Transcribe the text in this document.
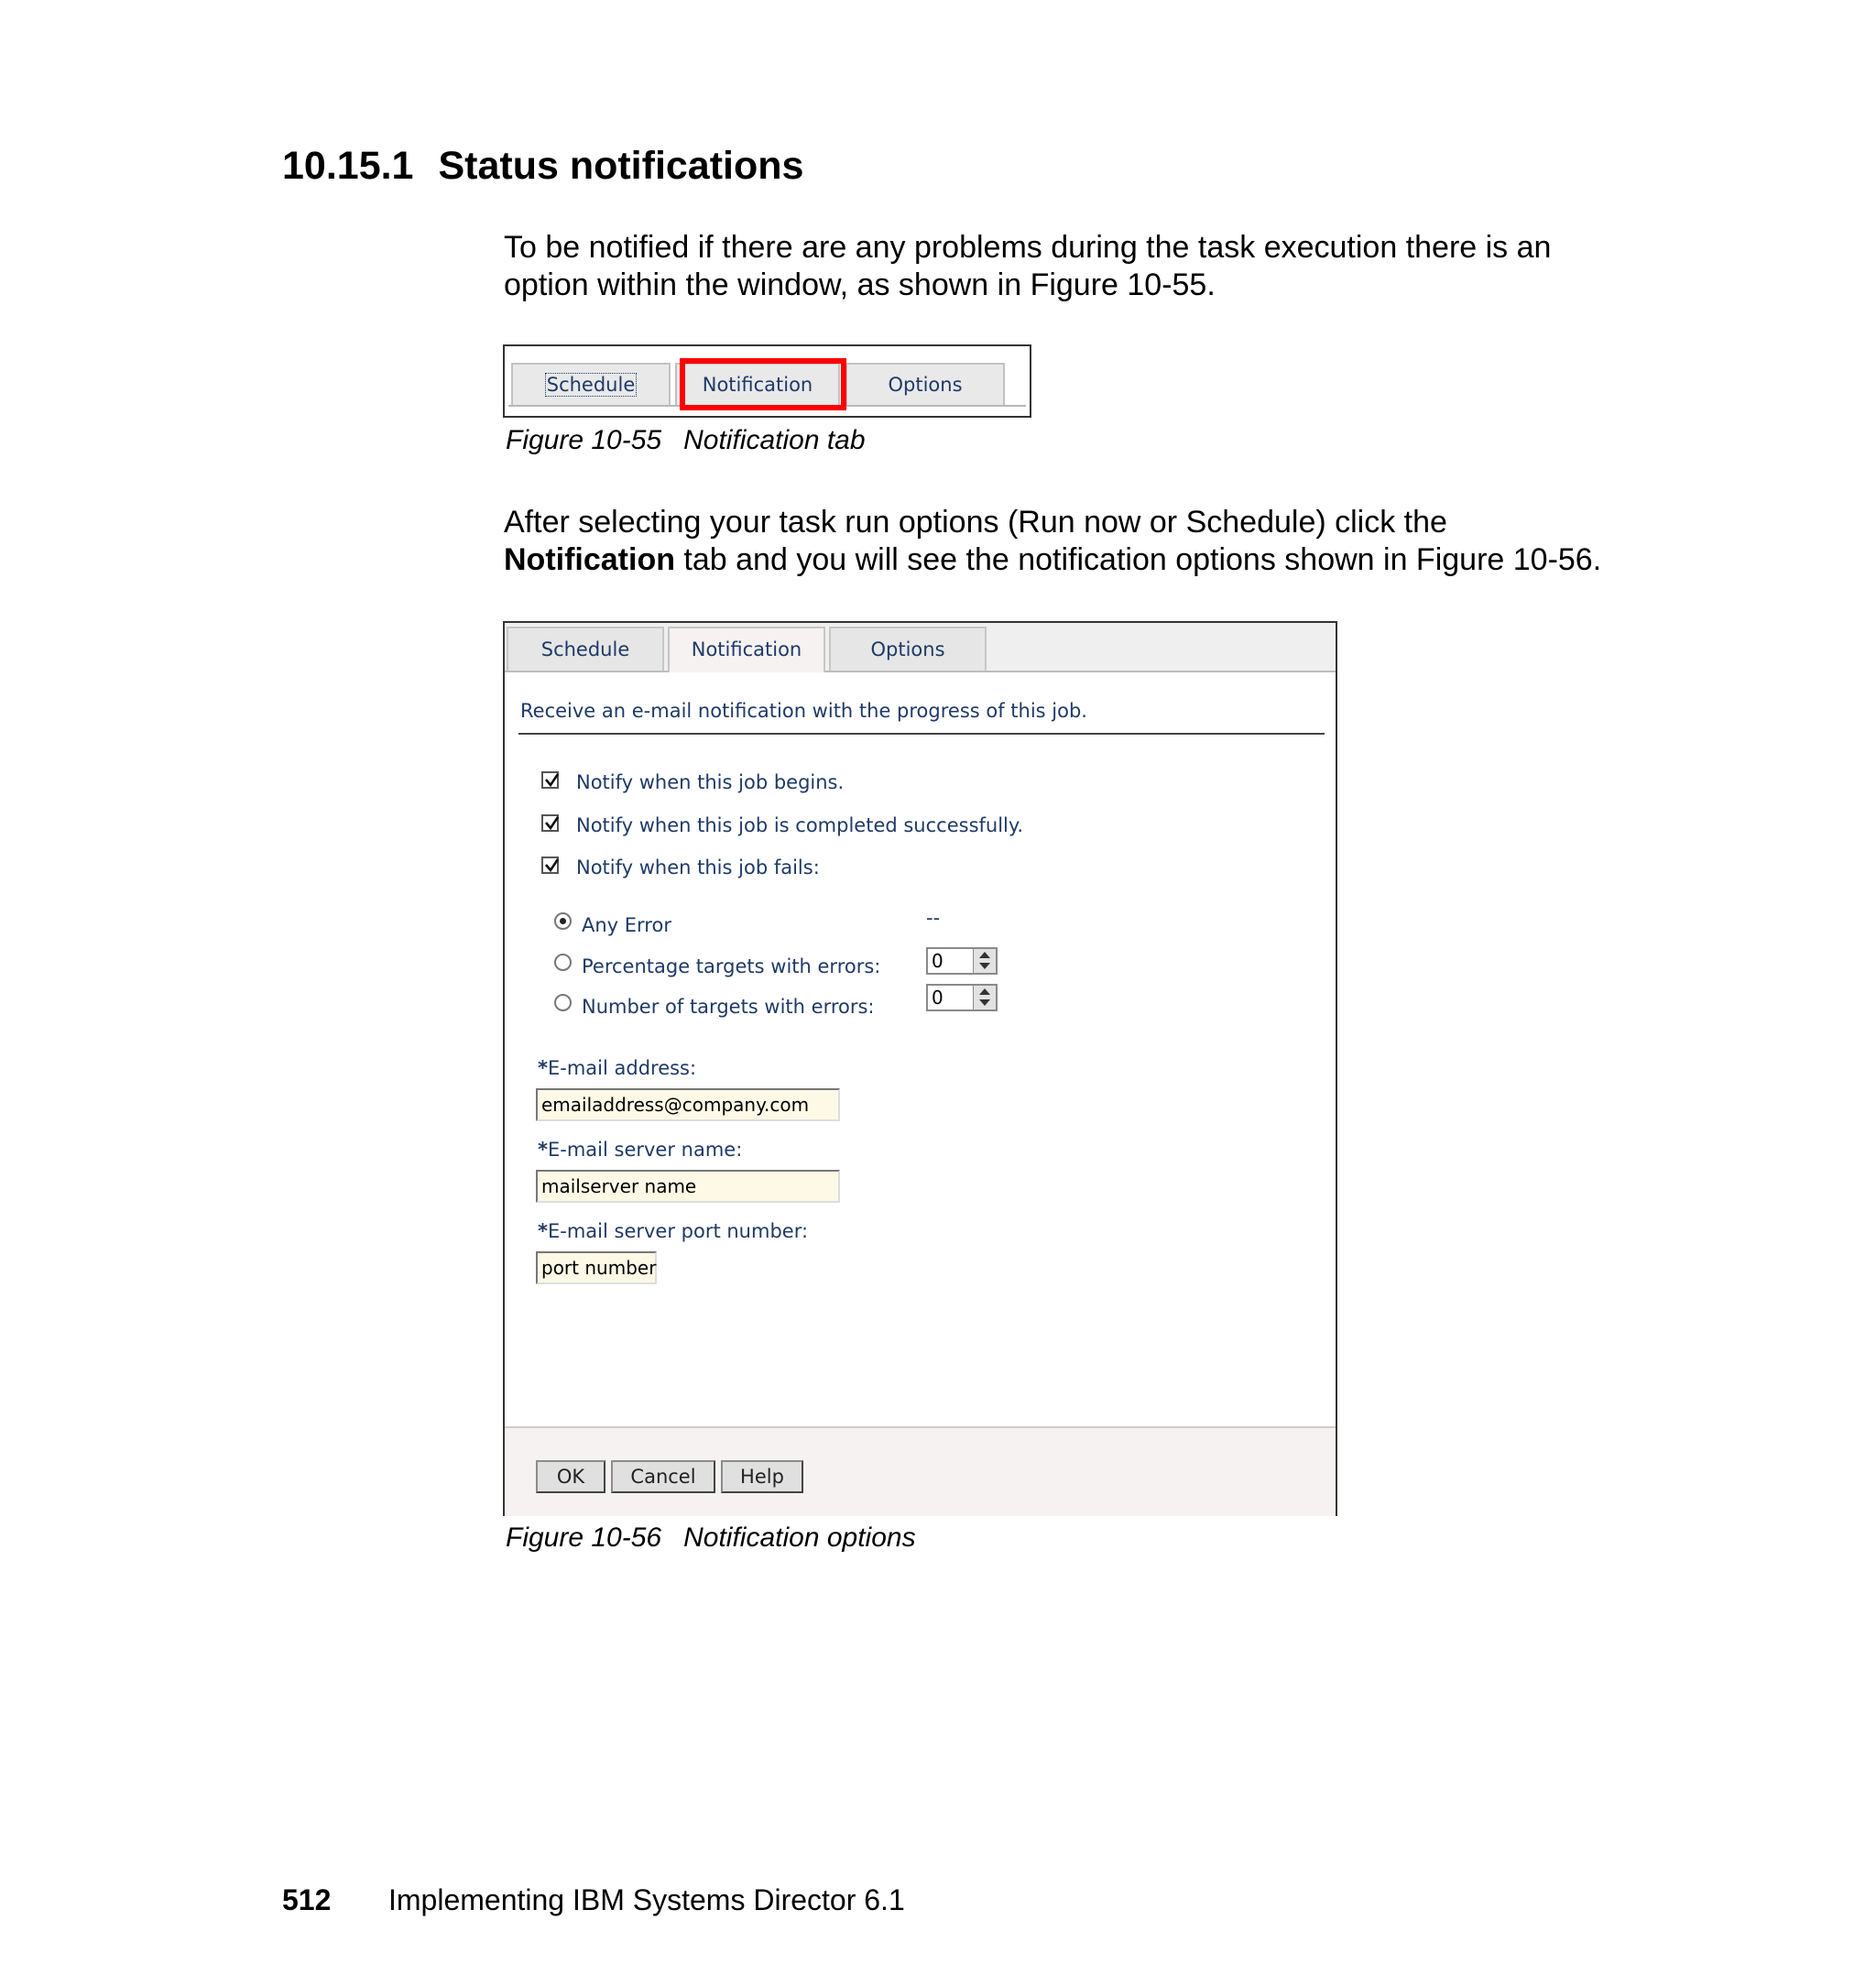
10.15.1 Status notifications
To be notified if there are any problems during the task execution there is an
option within the window, as shown in Figure 10-55.
Schedule	Notification	Options
Figure 10-55 Notification tab
After selecting your task run options (Run now or Schedule) click the
Notification tab and you will see the notification options shown in Figure 10-56.
Schedule	Notification	Options
Receive an e-mail notification with the progress of this job.
Notify when this job begins.
Notify when this job is completed successfully.
Notify when this job fails:
Any Error	--
Percentage targets with errors:	0
Number of targets with errors:	0
*E-mail address:
emailaddress@company.com
*E-mail server name:
mailserver name
*E-mail server port number:
port number
OK	Cancel	Help
Figure 10-56 Notification options
512 Implementing IBM Systems Director 6.1
